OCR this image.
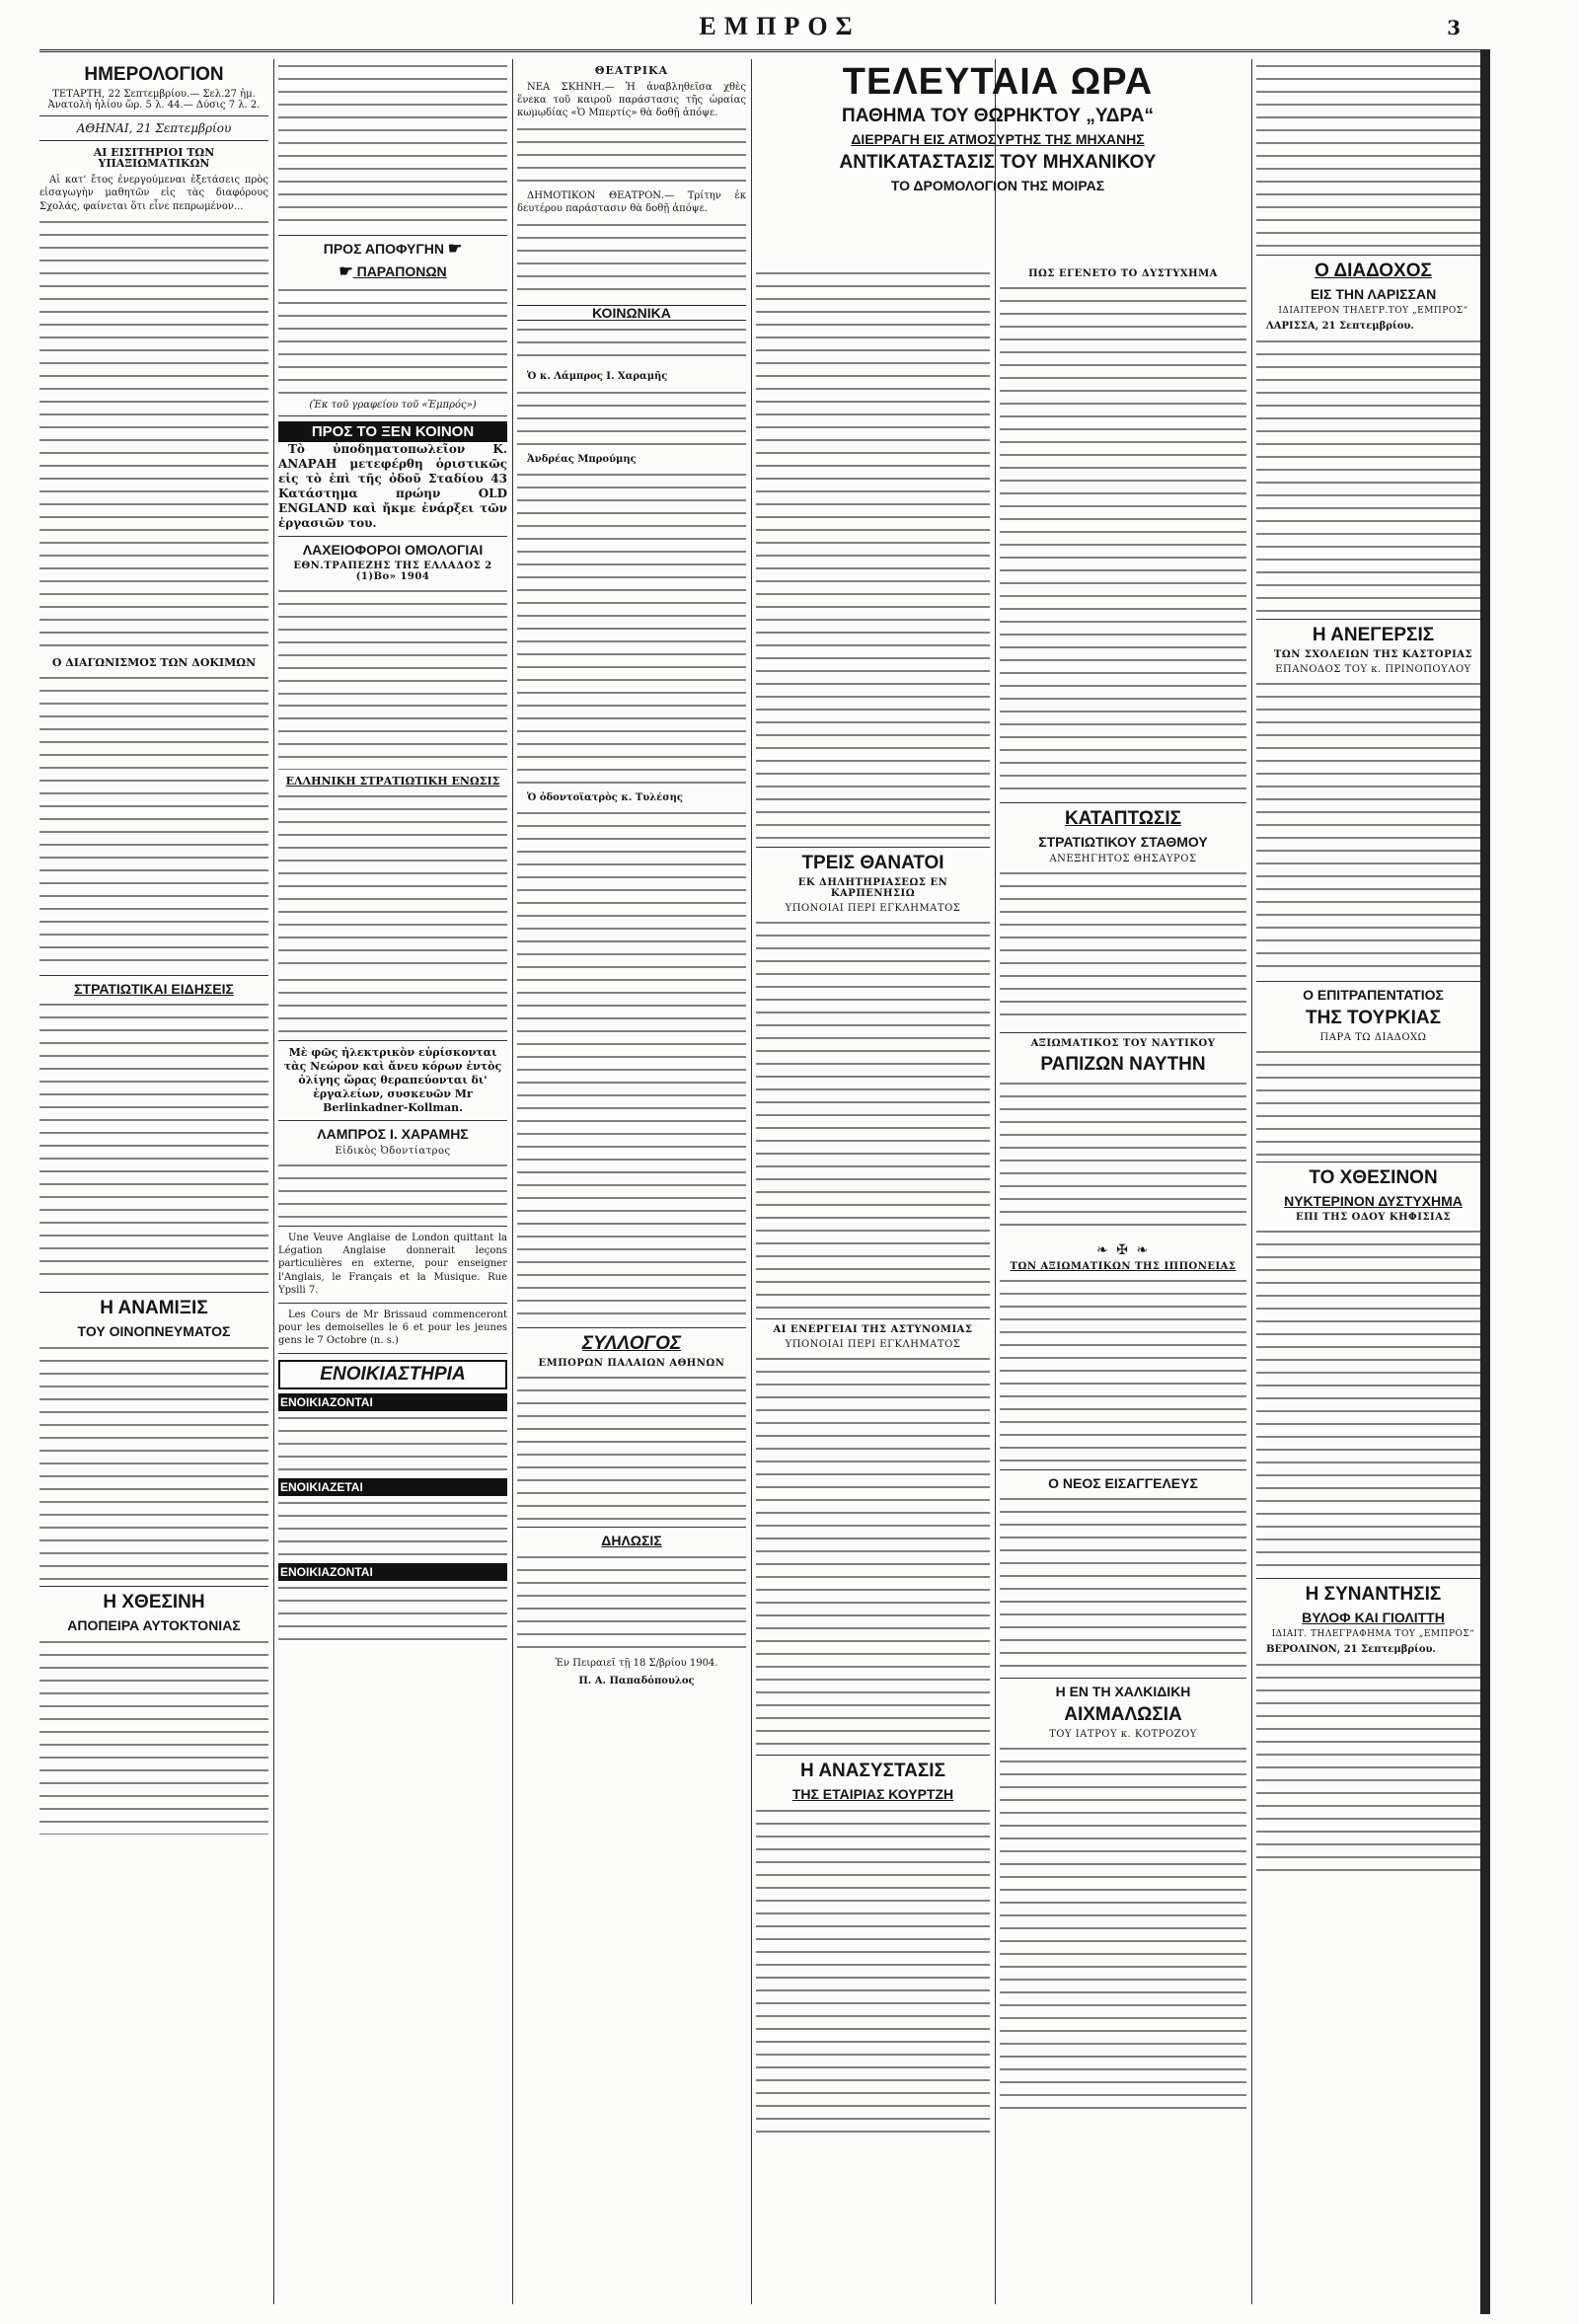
ΕΜΠΡΟΣ	3
ΗΜΕΡΟΛΟΓΙΟΝ
ΤΕΤΑΡΤΗ, 22 Σεπτεμβρίου.— Σελ.27 ἡμ. Ἀνατολὴ ἡλίου ὥρ. 5 λ. 44.— Δύσις 7 λ. 2.
ΑΘΗΝΑΙ, 21 Σεπτεμβρίου
ΑΙ ΕΙΣΙΤΗΡΙΟΙ ΤΩΝ ΥΠΑΞΙΩΜΑΤΙΚΩΝ
Αἱ κατ' ἔτος ἐνεργούμεναι ἐξετάσεις πρὸς εἰσαγωγὴν μαθητῶν εἰς τὰς διαφόρους Σχολάς, φαίνεται ὅτι εἶνε πεπρωμένον...
Ο ΔΙΑΓΩΝΙΣΜΟΣ ΤΩΝ ΔΟΚΙΜΩΝ
ΣΤΡΑΤΙΩΤΙΚΑΙ ΕΙΔΗΣΕΙΣ
Η ΑΝΑΜΙΞΙΣ
ΤΟΥ ΟΙΝΟΠΝΕΥΜΑΤΟΣ
Η ΧΘΕΣΙΝΗ
ΑΠΟΠΕΙΡΑ ΑΥΤΟΚΤΟΝΙΑΣ
ΠΡΟΣ ΑΠΟΦΥΓΗΝ ☛
☛ ΠΑΡΑΠΟΝΩΝ
(Ἐκ τοῦ γραφείου τοῦ «Ἐμπρός»)
ΠΡΟΣ ΤΟ ΞΕΝ ΚΟΙΝΟΝ
Τὸ ὑποδηματοπωλεῖον Κ. ΑΝΑΡΑΗ μετεφέρθη ὁριστικῶς εἰς τὸ ἐπὶ τῆς ὁδοῦ Σταδίου 43 Κατάστημα πρώην OLD ENGLAND καὶ ἤκμε ἐνάρξει τῶν ἐργασιῶν του.
ΛΑΧΕΙΟΦΟΡΟΙ ΟΜΟΛΟΓΙΑΙ
ΕΘΝ.ΤΡΑΠΕΖΗΣ ΤΗΣ ΕΛΛΑΔΟΣ 2 (1)Βο» 1904
ΕΛΛΗΝΙΚΗ ΣΤΡΑΤΙΩΤΙΚΗ ΕΝΩΣΙΣ
Μὲ φῶς ἠλεκτρικὸν εὑρίσκονται τὰς Νεώρον καὶ ἄνευ κόρων ἐντὸς ὀλίγης ὥρας θεραπεύονται δι' ἐργαλείων, συσκευῶν Mr Berlinkadner-Kollman.
ΛΑΜΠΡΟΣ Ι. ΧΑΡΑΜΗΣ
Εἰδικὸς Ὀδοντίατρος
Une Veuve Anglaise de London quittant la Légation Anglaise donnerait leçons particulières en externe, pour enseigner l'Anglais, le Français et la Musique. Rue Ypsili 7.
Les Cours de Mr Brissaud commenceront pour les demoiselles le 6 et pour les jeunes gens le 7 Octobre (n. s.)
ΕΝΟΙΚΙΑΣΤΗΡΙΑ
ΕΝΟΙΚΙΑΖΟΝΤΑΙ
ΕΝΟΙΚΙΑΖΕΤΑΙ
ΕΝΟΙΚΙΑΖΟΝΤΑΙ
ΘΕΑΤΡΙΚΑ
ΝΕΑ ΣΚΗΝΗ.— Ἡ ἀναβληθεῖσα χθὲς ἕνεκα τοῦ καιροῦ παράστασις τῆς ὡραίας κωμῳδίας «Ὁ Μπερτίς» θὰ δοθῇ ἀπόψε.
ΔΗΜΟΤΙΚΟΝ ΘΕΑΤΡΟΝ.— Τρίτην ἐκ δευτέρου παράστασιν θὰ δοθῇ ἀπόψε.
ΚΟΙΝΩΝΙΚΑ
Ὁ κ. Λάμπρος Ι. Χαραμῆς
Ἀνδρέας Μπρούμης
Ὁ ὀδοντοϊατρὸς κ. Τυλέσης
ΣΥΛΛΟΓΟΣ
ΕΜΠΟΡΩΝ ΠΑΛΑΙΩΝ ΑΘΗΝΩΝ
ΔΗΛΩΣΙΣ
Ἐν Πειραιεῖ τῇ 18 Σ/βρίου 1904.
Π. Α. Παπαδόπουλος
ΤΕΛΕΥΤΑΙΑ ΩΡΑ
ΠΑΘΗΜΑ ΤΟΥ ΘΩΡΗΚΤΟΥ „ΥΔΡΑ“
ΔΙΕΡΡΑΓΗ ΕΙΣ ΑΤΜΟΣΥΡΤΗΣ ΤΗΣ ΜΗΧΑΝΗΣ
ΑΝΤΙΚΑΤΑΣΤΑΣΙΣ ΤΟΥ ΜΗΧΑΝΙΚΟΥ
ΤΟ ΔΡΟΜΟΛΟΓΙΟΝ ΤΗΣ ΜΟΙΡΑΣ
ΤΡΕΙΣ ΘΑΝΑΤΟΙ
ΕΚ ΔΗΛΗΤΗΡΙΑΣΕΩΣ ΕΝ ΚΑΡΠΕΝΗΣΙΩ
ΥΠΟΝΟΙΑΙ ΠΕΡΙ ΕΓΚΛΗΜΑΤΟΣ
ΑΙ ΕΝΕΡΓΕΙΑΙ ΤΗΣ ΑΣΤΥΝΟΜΙΑΣ
ΥΠΟΝΟΙΑΙ ΠΕΡΙ ΕΓΚΛΗΜΑΤΟΣ
Η ΑΝΑΣΥΣΤΑΣΙΣ
ΤΗΣ ΕΤΑΙΡΙΑΣ ΚΟΥΡΤΖΗ
ΠΩΣ ΕΓΕΝΕΤΟ ΤΟ ΔΥΣΤΥΧΗΜΑ
ΚΑΤΑΠΤΩΣΙΣ
ΣΤΡΑΤΙΩΤΙΚΟΥ ΣΤΑΘΜΟΥ
ΑΝΕΞΗΓΗΤΟΣ ΘΗΣΑΥΡΟΣ
ΑΞΙΩΜΑΤΙΚΟΣ ΤΟΥ ΝΑΥΤΙΚΟΥ
ΡΑΠΙΖΩΝ ΝΑΥΤΗΝ
❧ ✠ ❧
ΤΩΝ ΑΞΙΩΜΑΤΙΚΩΝ ΤΗΣ ΙΠΠΟΝΕΙΑΣ
Ο ΝΕΟΣ ΕΙΣΑΓΓΕΛΕΥΣ
Η ΕΝ ΤΗ ΧΑΛΚΙΔΙΚΗ
ΑΙΧΜΑΛΩΣΙΑ
ΤΟΥ ΙΑΤΡΟΥ κ. ΚΟΤΡΟΖΟΥ
Ο ΔΙΑΔΟΧΟΣ
ΕΙΣ ΤΗΝ ΛΑΡΙΣΣΑΝ
ΙΔΙΑΙΤΕΡΟΝ ΤΗΛΕΓΡ.ΤΟΥ „ΕΜΠΡΟΣ“
ΛΑΡΙΣΣΑ, 21 Σεπτεμβρίου.
Η ΑΝΕΓΕΡΣΙΣ
ΤΩΝ ΣΧΟΛΕΙΩΝ ΤΗΣ ΚΑΣΤΟΡΙΑΣ
ΕΠΑΝΟΔΟΣ ΤΟΥ κ. ΠΡΙΝΟΠΟΥΛΟΥ
Ο ΕΠΙΤΡΑΠΕΝΤΑΤΙΟΣ
ΤΗΣ ΤΟΥΡΚΙΑΣ
ΠΑΡΑ ΤΩ ΔΙΑΔΟΧΩ
ΤΟ ΧΘΕΣΙΝΟΝ
ΝΥΚΤΕΡΙΝΟΝ ΔΥΣΤΥΧΗΜΑ
ΕΠΙ ΤΗΣ ΟΔΟΥ ΚΗΦΙΣΙΑΣ
Η ΣΥΝΑΝΤΗΣΙΣ
ΒΥΛΟΦ ΚΑΙ ΓΙΟΛΙΤΤΗ
ΙΔΙΑΙΤ. ΤΗΛΕΓΡΑΦΗΜΑ ΤΟΥ „ΕΜΠΡΟΣ“
ΒΕΡΟΛΙΝΟΝ, 21 Σεπτεμβρίου.
